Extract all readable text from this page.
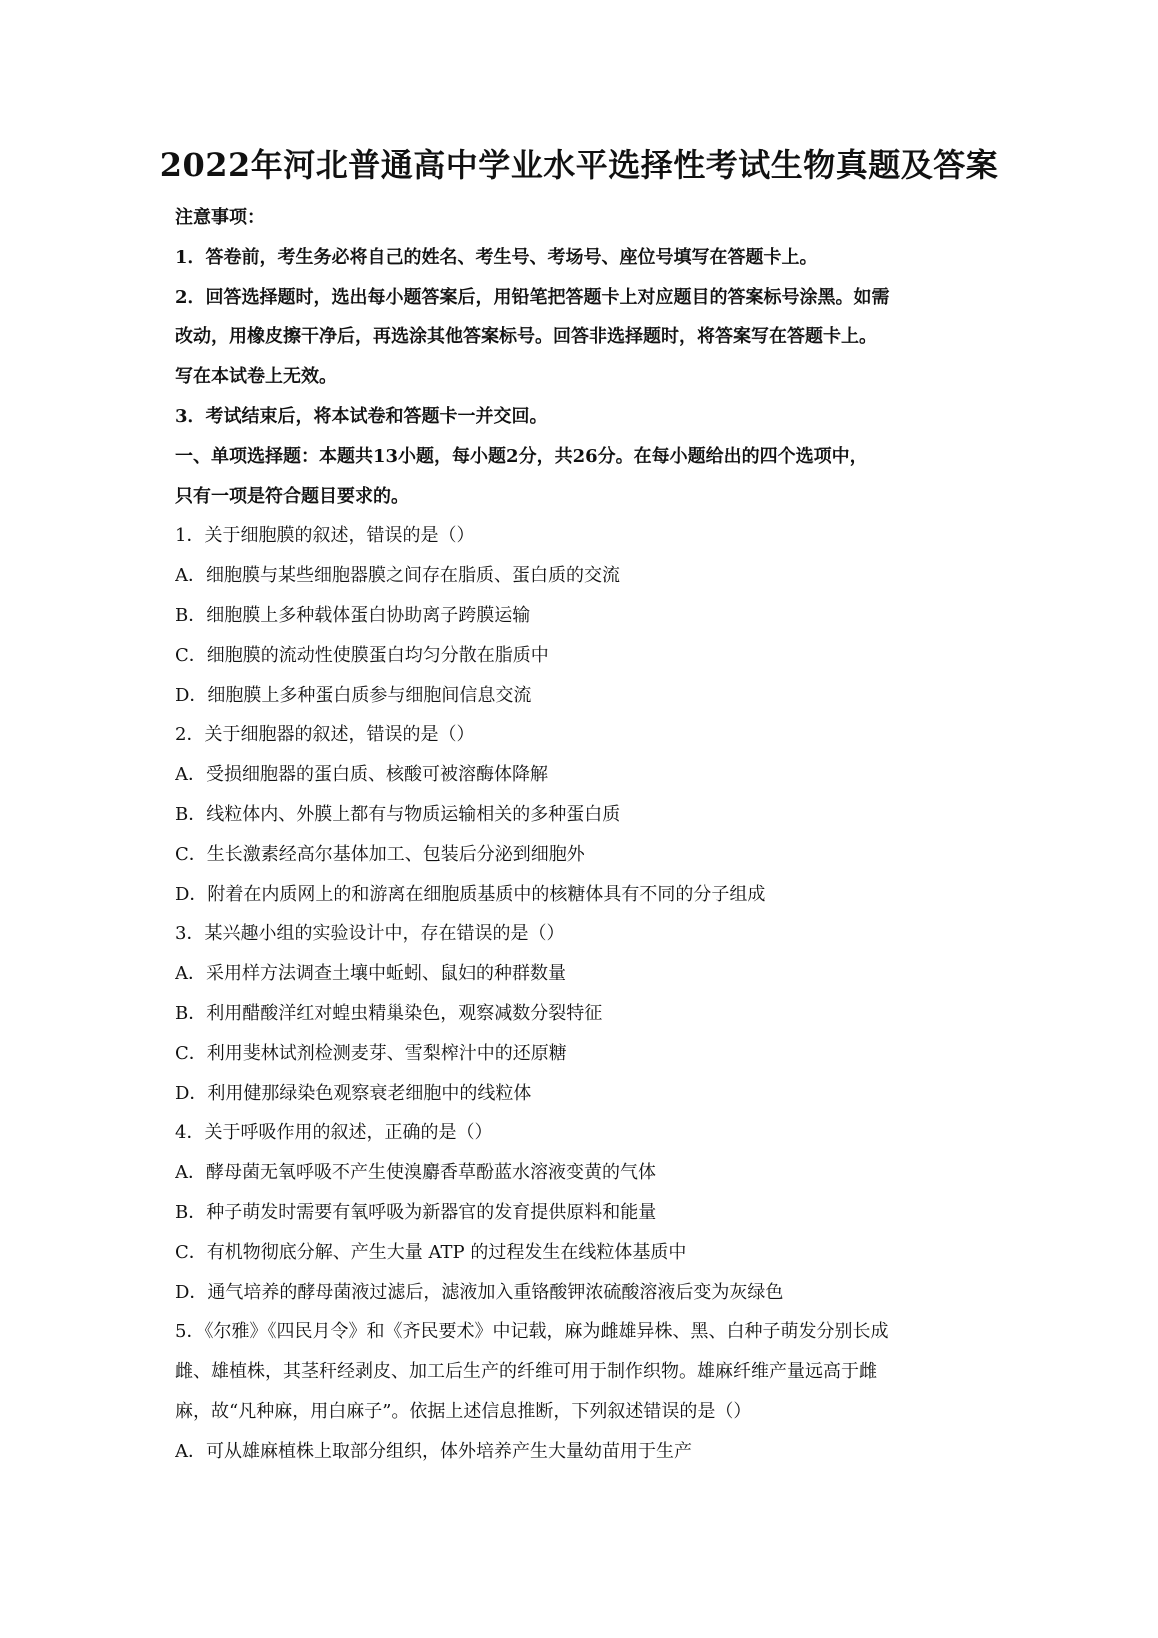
2022年河北普通高中学业水平选择性考试生物真题及答案
注意事项：
1．答卷前，考生务必将自己的姓名、考生号、考场号、座位号填写在答题卡上。
2．回答选择题时，选出每小题答案后，用铅笔把答题卡上对应题目的答案标号涂黑。如需
改动，用橡皮擦干净后，再选涂其他答案标号。回答非选择题时，将答案写在答题卡上。
写在本试卷上无效。
3．考试结束后，将本试卷和答题卡一并交回。
一、单项选择题：本题共13小题，每小题2分，共26分。在每小题给出的四个选项中，
只有一项是符合题目要求的。
1．关于细胞膜的叙述，错误的是（）
A．细胞膜与某些细胞器膜之间存在脂质、蛋白质的交流
B．细胞膜上多种载体蛋白协助离子跨膜运输
C．细胞膜的流动性使膜蛋白均匀分散在脂质中
D．细胞膜上多种蛋白质参与细胞间信息交流
2．关于细胞器的叙述，错误的是（）
A．受损细胞器的蛋白质、核酸可被溶酶体降解
B．线粒体内、外膜上都有与物质运输相关的多种蛋白质
C．生长激素经高尔基体加工、包装后分泌到细胞外
D．附着在内质网上的和游离在细胞质基质中的核糖体具有不同的分子组成
3．某兴趣小组的实验设计中，存在错误的是（）
A．采用样方法调查土壤中蚯蚓、鼠妇的种群数量
B．利用醋酸洋红对蝗虫精巢染色，观察减数分裂特征
C．利用斐林试剂检测麦芽、雪梨榨汁中的还原糖
D．利用健那绿染色观察衰老细胞中的线粒体
4．关于呼吸作用的叙述，正确的是（）
A．酵母菌无氧呼吸不产生使溴麝香草酚蓝水溶液变黄的气体
B．种子萌发时需要有氧呼吸为新器官的发育提供原料和能量
C．有机物彻底分解、产生大量 ATP 的过程发生在线粒体基质中
D．通气培养的酵母菌液过滤后，滤液加入重铬酸钾浓硫酸溶液后变为灰绿色
5．《尔雅》《四民月令》和《齐民要术》中记载，麻为雌雄异株、黑、白种子萌发分别长成
雌、雄植株，其茎秆经剥皮、加工后生产的纤维可用于制作织物。雄麻纤维产量远高于雌
麻，故“凡种麻，用白麻子”。依据上述信息推断，下列叙述错误的是（）
A．可从雄麻植株上取部分组织，体外培养产生大量幼苗用于生产
